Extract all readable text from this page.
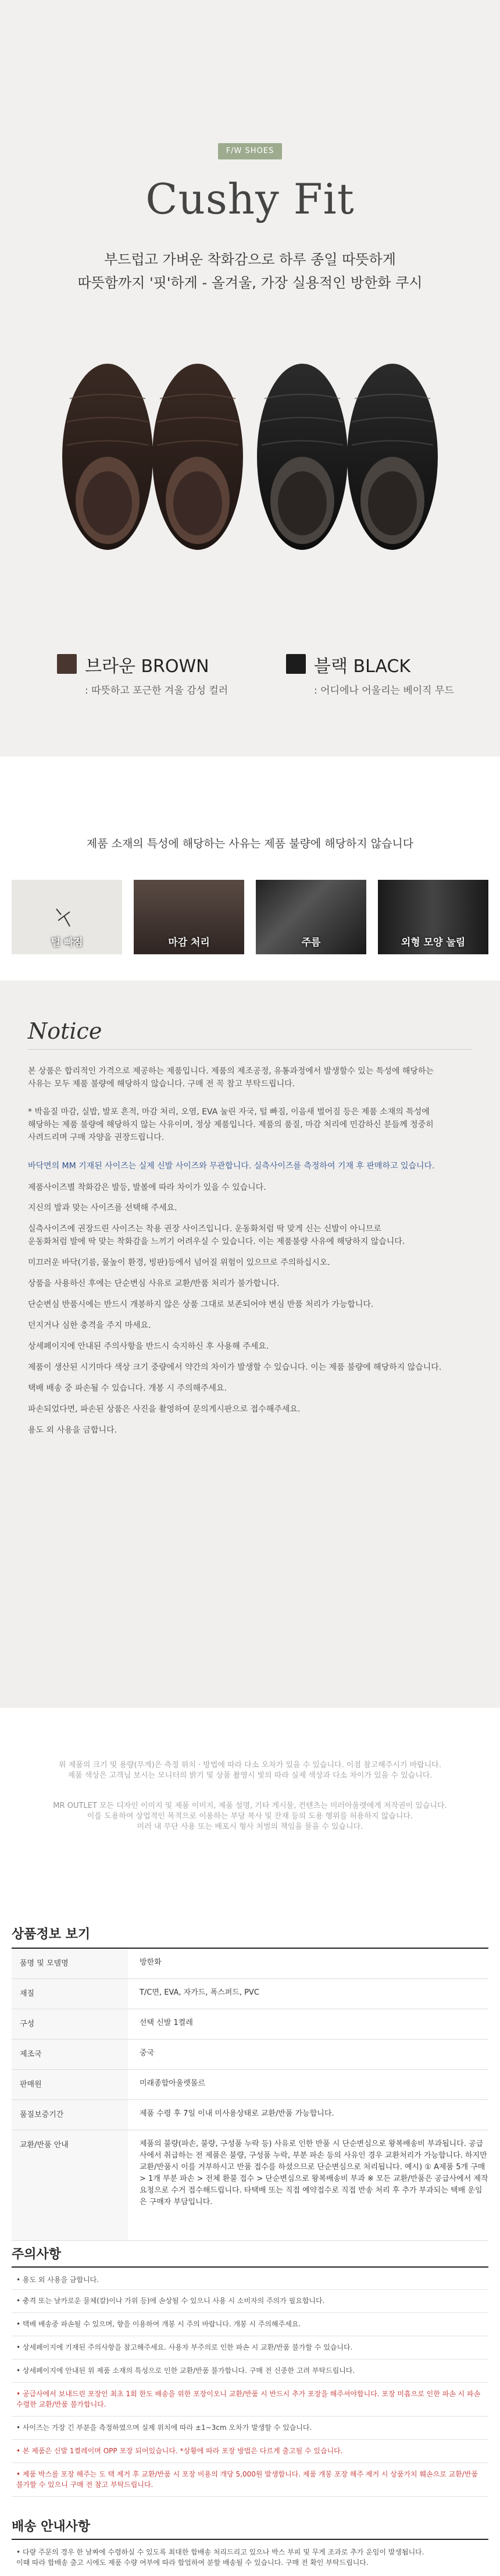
F/W SHOES
Cushy Fit
부드럽고 가벼운 착화감으로 하루 종일 따뜻하게
따뜻함까지 '핏'하게 - 올겨울, 가장 실용적인 방한화 쿠시
브라운 BROWN
: 따뜻하고 포근한 겨울 감성 컬러
블랙 BLACK
: 어디에나 어울리는 베이직 무드
제품 소재의 특성에 해당하는 사유는 제품 불량에 해당하지 않습니다
털 빠짐	마감 처리	주름	외형 모양 눌림
Notice
본 상품은 합리적인 가격으로 제공하는 제품입니다. 제품의 제조공정, 유통과정에서 발생할수 있는 특성에 해당하는
사유는 모두 제품 불량에 해당하지 않습니다. 구매 전 꼭 참고 부탁드립니다.
* 박음질 마감, 실밥, 발포 흔적, 마감 처리, 오염, EVA 눌린 자국, 털 빠짐, 이음새 벌어짐 등은 제품 소재의 특성에
해당하는 제품 불량에 해당하지 않는 사유이며, 정상 제품입니다. 제품의 품질, 마감 처리에 민감하신 분들께 정중히
사려드리며 구매 자양을 권장드립니다.
바닥면의 MM 기재된 사이즈는 실제 신발 사이즈와 무관합니다. 실측사이즈를 측정하여 기재 후 판매하고 있습니다.
제품사이즈별 착화감은 발등, 발볼에 따라 차이가 있을 수 있습니다.
지신의 발과 맞는 사이즈를 선택해 주세요.
실측사이즈에 권장드린 사이즈는 착용 권장 사이즈입니다. 운동화처럼 딱 맞게 신는 신발이 아니므로
운동화처럼 발에 딱 맞는 착화감을 느끼기 어려우실 수 있습니다. 이는 제품불량 사유에 해당하지 않습니다.
미끄러운 바닥(기름, 물높이 환경, 빙판)등에서 넘어질 위험이 있으므로 주의하십시오.
상품을 사용하신 후에는 단순변심 사유로 교환/반품 처리가 불가합니다.
단순변심 반품시에는 반드시 개봉하지 않은 상품 그대로 보존되어야 변심 반품 처리가 가능합니다.
던지거나 심한 충격을 주지 마세요.
상세페이지에 안내된 주의사항을 반드시 숙지하신 후 사용해 주세요.
제품이 생산된 시기마다 색상 크기 중량에서 약간의 차이가 발생할 수 있습니다. 이는 제품 불량에 해당하지 않습니다.
택배 배송 중 파손될 수 있습니다. 개봉 시 주의해주세요.
파손되었다면, 파손된 상품은 사진을 촬영하여 문의게시판으로 접수해주세요.
용도 외 사용을 금합니다.
위 제품의 크기 및 용량(무게)은 측정 위치 · 방법에 따라 다소 오차가 있을 수 있습니다. 이점 참고해주시기 바랍니다.
제품 색상은 고객님 보시는 모니터의 밝기 및 상품 촬영시 빛의 따라 실제 색상과 다소 차이가 있을 수 있습니다.
MR OUTLET 모든 디자인 이미지 및 제품 이미지, 제품 설명, 기타 게시물, 컨텐츠는 미러아울렛에게 저작권이 있습니다.
이를 도용하여 상업적인 목적으로 이용하는 부당 복사 및 잔재 등의 도용 행위를 허용하지 않습니다.
미러 내 무단 사용 또는 배포시 형사 처벌의 책임을 물을 수 있습니다.
상품정보 보기
품명 및 모델명	방한화
재질	T/C면, EVA, 자가드, 폭스퍼드, PVC
구성	선택 신발 1켤레
제조국	중국
판매원	미래종합아울렛몰르
품질보증기간	제품 수령 후 7일 이내 미사용상태로 교환/반품 가능합니다.
교환/반품 안내	제품의 불량(파손, 불량, 구성품 누락 등) 사유로 인한 반품 시 단순변심으로 왕복배송비 부과됩니다. 공급사에서 취급하는 전 제품은 불량, 구성품 누락, 부분 파손 등의 사유인 경우 교환처리가 가능합니다. 하지만 교환/반품시 이를 거부하시고 반품 접수를 하셨으므로 단순변심으로 처리됩니다. 예시) ① A제품 5개 구매 > 1개 부분 파손 > 전체 환불 접수 > 단순변심으로 왕복배송비 부과 ※ 모든 교환/반품은 공급사에서 제작요청으로 수거 접수해드립니다. 타택배 또는 직접 예약접수로 직접 반송 처리 후 추가 부과되는 택배 운임은 구매자 부담입니다.
주의사항
• 용도 외 사용을 금합니다.
• 충격 또는 날카로운 물체(칼)이나 가위 등)에 손상될 수 있으니 사용 시 소비자의 주의가 필요합니다.
• 택배 배송중 파손될 수 있으며, 향을 이용하여 개봉 시 주의 바랍니다. 개봉 시 주의해주세요.
• 상세페이지에 기재된 주의사항을 참고해주세요. 사용자 부주의로 인한 파손 시 교환/반품 불가할 수 있습니다.
• 상세페이지에 안내된 위 제품 소재의 특성으로 인한 교환/반품 불가합니다. 구매 전 신중한 고려 부탁드립니다.
• 공급사에서 보내드린 포장인 최초 1회 한도 배송을 위한 포장이오니 교환/반품 시 반드시 추가 포장을 해주셔야합니다. 포장 미흡으로 인한 파손 시 파손 수령한 교환/반품 불가합니다.
• 사이즈는 가장 긴 부분을 측정하였으며 실제 위치에 따라 ±1~3cm 오차가 발생할 수 있습니다.
• 본 제품은 신발 1켤레이며 OPP 포장 되어있습니다. *상황에 따라 포장 방법은 다르게 출고될 수 있습니다.
• 제품 박스를 포장 해주는 도 택 제거 후 교환/반품 시 포장 비용의 개당 5,000원 발생합니다. 제품 개봉 포장 해주 제거 시 상품가치 훼손으로 교환/반품 불가할 수 있으니 구매 전 참고 부탁드립니다.
배송 안내사항
• 다량 주문의 경우 한 날짜에 수령하실 수 있도록 최대한 합배송 처리드리고 있으나 박스 부피 및 무게 조과로 추가 운임이 발생됩니다.
이때 따라 합배송 출고 시에도 제품 수량 여부에 따라 합업하여 분할 배송될 수 있습니다. 구매 전 확인 부탁드립니다.
